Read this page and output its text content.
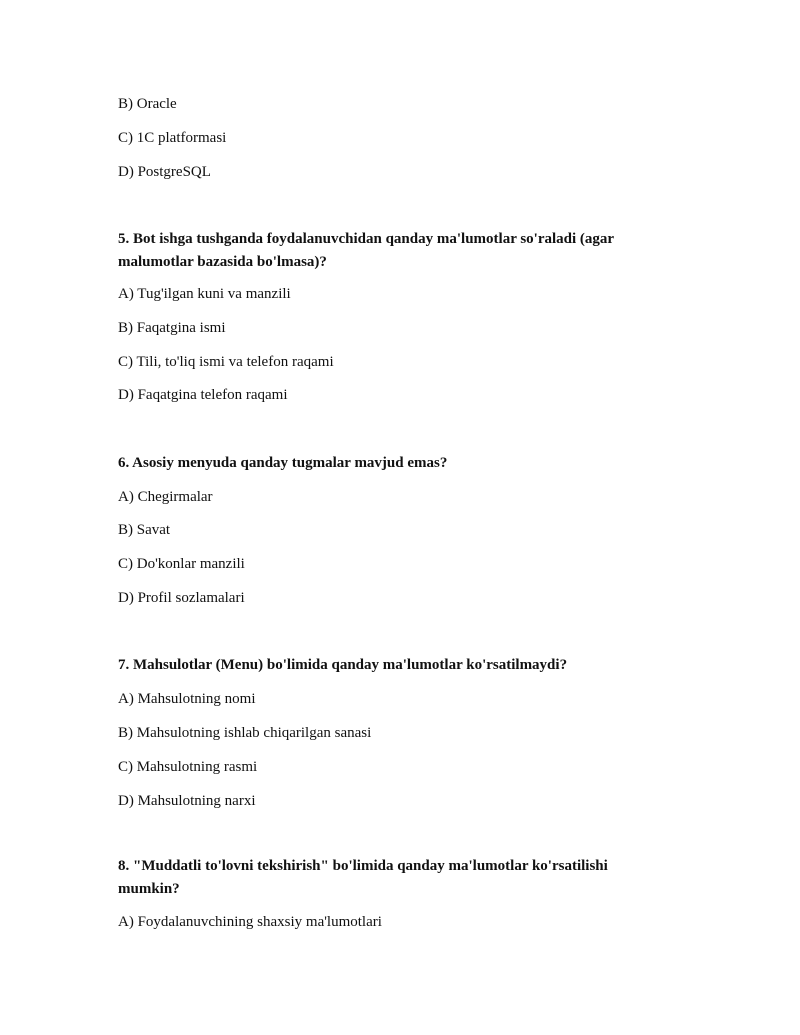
B) Oracle
C) 1C platformasi
D) PostgreSQL
5. Bot ishga tushganda foydalanuvchidan qanday ma'lumotlar so'raladi (agar malumotlar bazasida bo'lmasa)?
A) Tug'ilgan kuni va manzili
B) Faqatgina ismi
C) Tili, to'liq ismi va telefon raqami
D) Faqatgina telefon raqami
6. Asosiy menyuda qanday tugmalar mavjud emas?
A) Chegirmalar
B) Savat
C) Do'konlar manzili
D) Profil sozlamalari
7. Mahsulotlar (Menu) bo'limida qanday ma'lumotlar ko'rsatilmaydi?
A) Mahsulotning nomi
B) Mahsulotning ishlab chiqarilgan sanasi
C) Mahsulotning rasmi
D) Mahsulotning narxi
8. "Muddatli to'lovni tekshirish" bo'limida qanday ma'lumotlar ko'rsatilishi mumkin?
A) Foydalanuvchining shaxsiy ma'lumotlari
